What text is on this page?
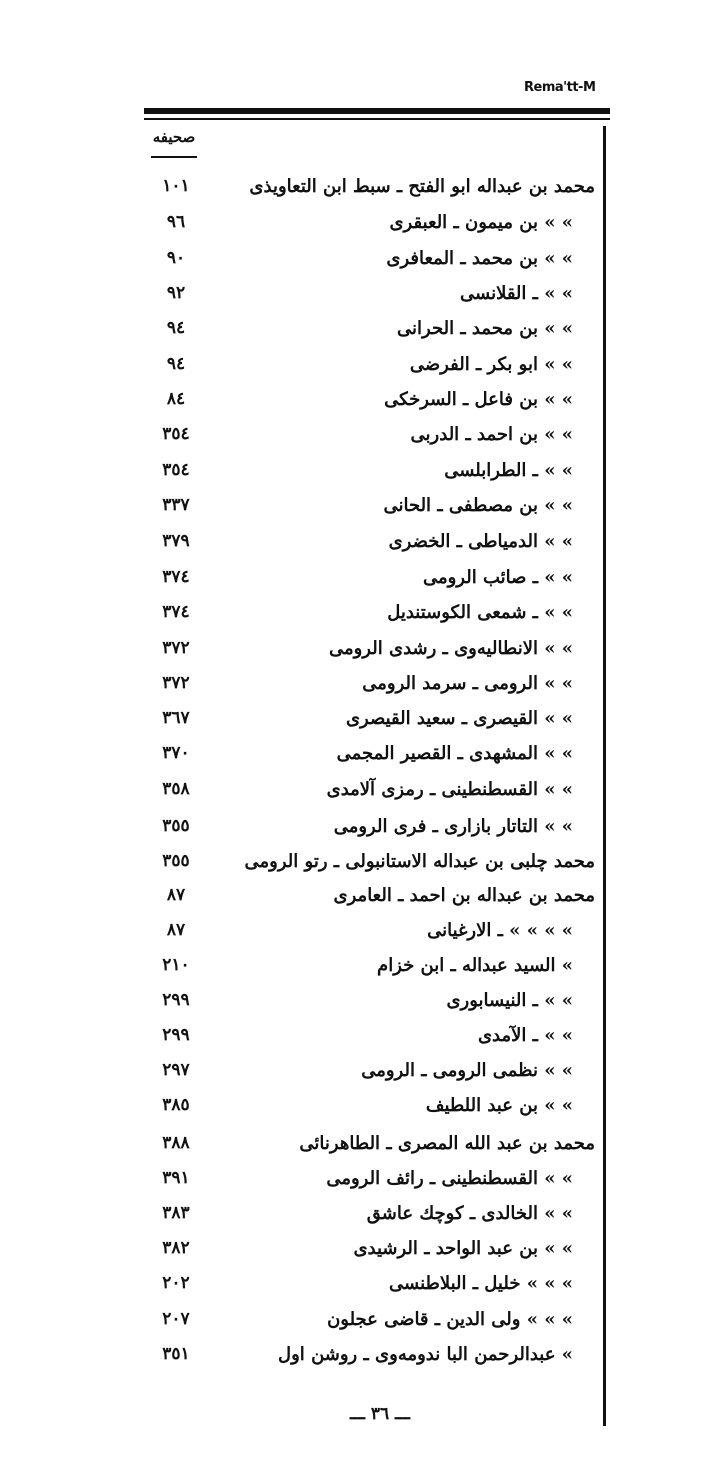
Rema'tt-M
صحيفه
محمد بن عبداله ابو الفتح ـ سبط ابن التعاويذى
١٠١
» » بن ميمون ـ العبقرى
٩٦
» » بن محمد ـ المعافرى
٩٠
» » ـ القلانسى
٩٢
» » بن محمد ـ الحرانى
٩٤
» » ابو بكر ـ الفرضى
٩٤
» » بن فاعل ـ السرخكى
٨٤
» » بن احمد ـ الدربى
٣٥٤
» » ـ الطرابلسى
٣٥٤
» » بن مصطفى ـ الحانى
٣٣٧
» » الدمياطى ـ الخضرى
٣٧٩
» » ـ صائب الرومى
٣٧٤
» » ـ شمعى الكوستنديل
٣٧٤
» » الانطاليه‌وى ـ رشدى الرومى
٣٧٢
» » الرومى ـ سرمد الرومى
٣٧٢
» » القيصرى ـ سعيد القيصرى
٣٦٧
» » المشهدى ـ القصير المجمى
٣٧٠
» » القسطنطينى ـ رمزى آلامدى
٣٥٨
» » التاتار بازارى ـ فرى الرومى
٣٥٥
محمد چلبى بن عبداله الاستانبولى ـ رتو الرومى
٣٥٥
محمد بن عبداله بن احمد ـ العامرى
٨٧
» » » » ـ الارغيانى
٨٧
» السيد عبداله ـ ابن خزام
٢١٠
» » ـ النيسابورى
٢٩٩
» » ـ الآمدى
٢٩٩
» » نظمى الرومى ـ الرومى
٢٩٧
» » بن عبد اللطيف
٣٨٥
محمد بن عبد الله المصرى ـ الطاهرنائى
٣٨٨
» » القسطنطينى ـ رائف الرومى
٣٩١
» » الخالدى ـ كوچك عاشق
٣٨٣
» » بن عبد الواحد ـ الرشيدى
٣٨٢
» » » خليل ـ البلاطنسى
٢٠٢
» » » ولى الدين ـ قاضى عجلون
٢٠٧
» عبدالرحمن البا ندومه‌وى ـ روشن اول
٣٥١
ـــ ٣٦ ـــ
